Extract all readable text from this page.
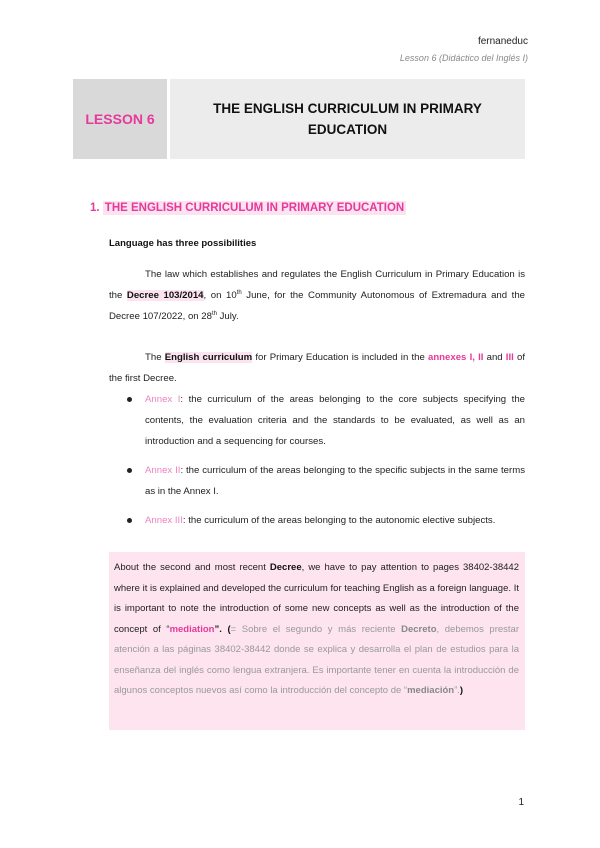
fernaneduc
Lesson 6 (Didáctico del Inglés I)
LESSON 6
THE ENGLISH CURRICULUM IN PRIMARY EDUCATION
1. THE ENGLISH CURRICULUM IN PRIMARY EDUCATION
Language has three possibilities
The law which establishes and regulates the English Curriculum in Primary Education is the Decree 103/2014, on 10th June, for the Community Autonomous of Extremadura and the Decree 107/2022, on 28th July.
The English curriculum for Primary Education is included in the annexes I, II and III of the first Decree.
Annex I: the curriculum of the areas belonging to the core subjects specifying the contents, the evaluation criteria and the standards to be evaluated, as well as an introduction and a sequencing for courses.
Annex II: the curriculum of the areas belonging to the specific subjects in the same terms as in the Annex I.
Annex III: the curriculum of the areas belonging to the autonomic elective subjects.
About the second and most recent Decree, we have to pay attention to pages 38402-38442 where it is explained and developed the curriculum for teaching English as a foreign language. It is important to note the introduction of some new concepts as well as the introduction of the concept of “mediation”. (= Sobre el segundo y más reciente Decreto, debemos prestar atención a las páginas 38402-38442 donde se explica y desarrolla el plan de estudios para la enseñanza del inglés como lengua extranjera. Es importante tener en cuenta la introducción de algunos conceptos nuevos así como la introducción del concepto de “mediación”.)
1
